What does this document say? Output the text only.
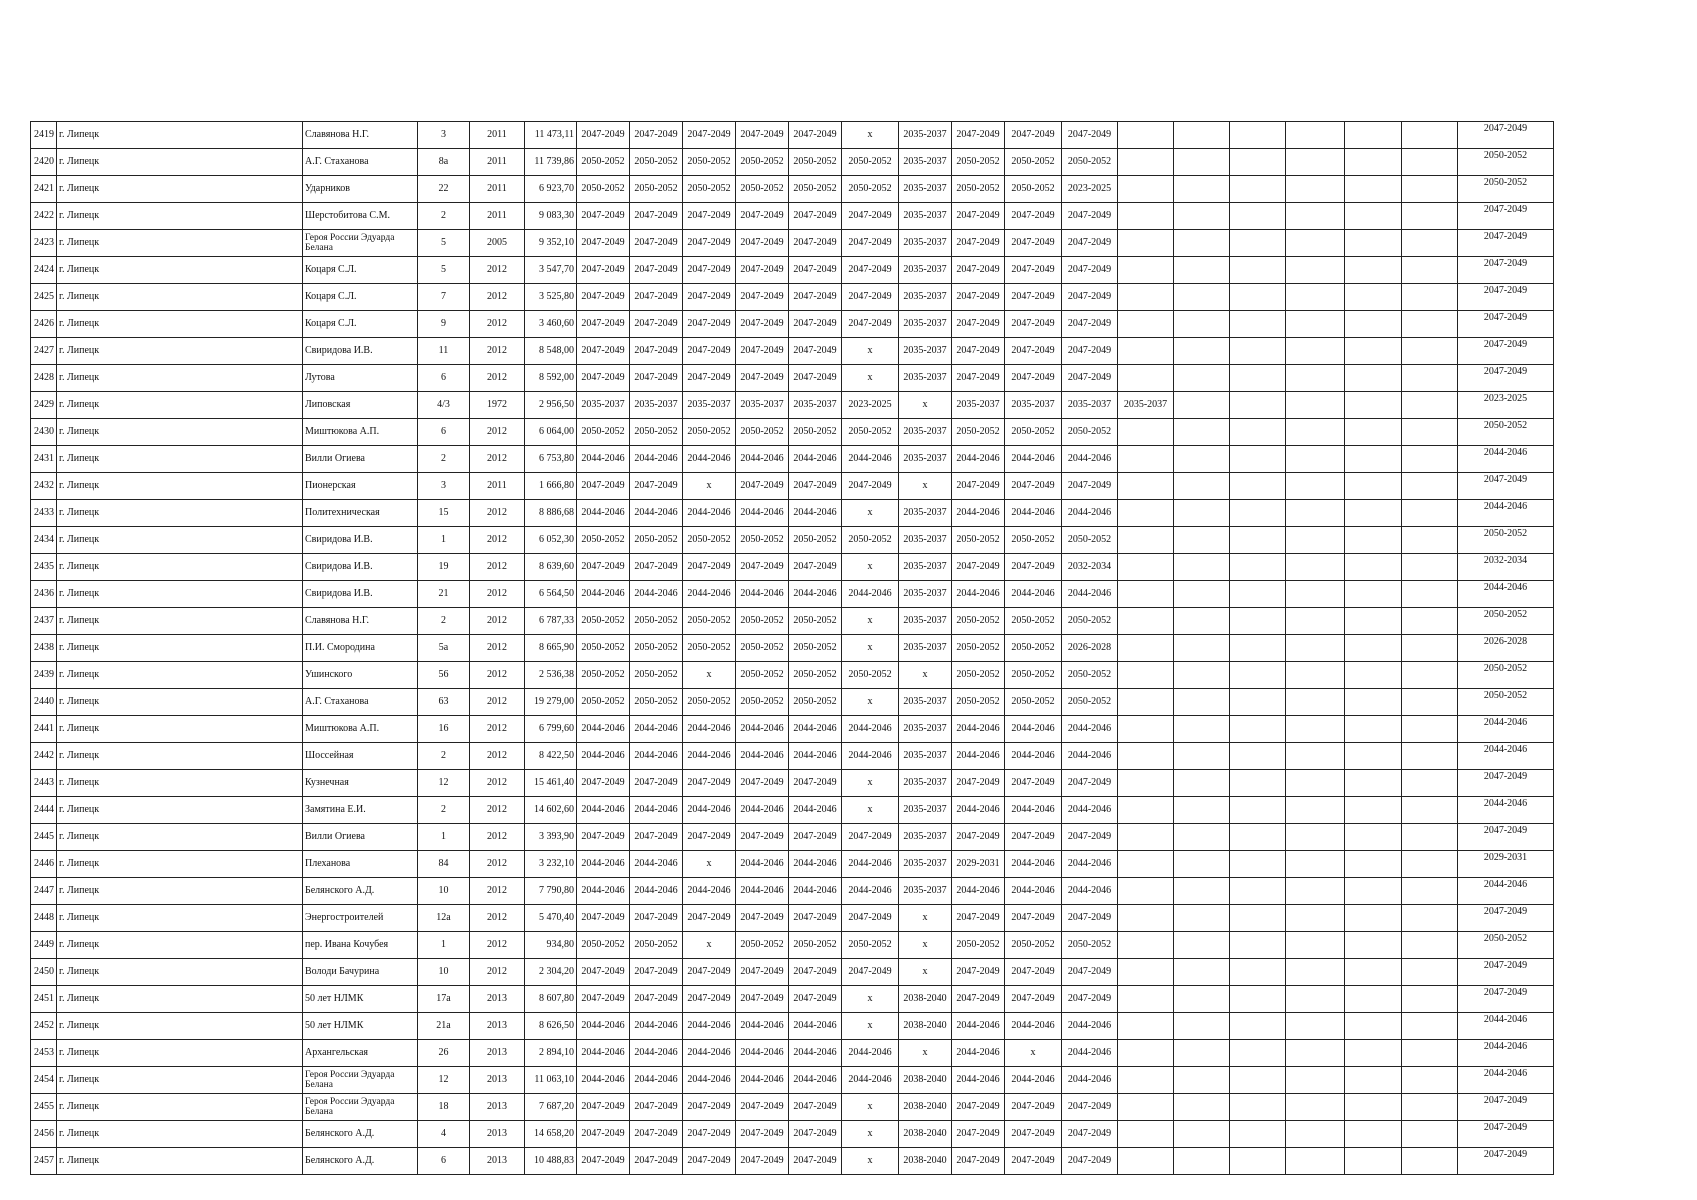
2419	г. Липецк	Славянова Н.Г.	3	2011	11 473,11	2047-2049	2047-2049	2047-2049	2047-2049	2047-2049	x	2035-2037	2047-2049	2047-2049	2047-2049							2047-2049
2420	г. Липецк	А.Г. Стаханова	8а	2011	11 739,86	2050-2052	2050-2052	2050-2052	2050-2052	2050-2052	2050-2052	2035-2037	2050-2052	2050-2052	2050-2052							2050-2052
2421	г. Липецк	Ударников	22	2011	6 923,70	2050-2052	2050-2052	2050-2052	2050-2052	2050-2052	2050-2052	2035-2037	2050-2052	2050-2052	2023-2025							2050-2052
2422	г. Липецк	Шерстобитова С.М.	2	2011	9 083,30	2047-2049	2047-2049	2047-2049	2047-2049	2047-2049	2047-2049	2035-2037	2047-2049	2047-2049	2047-2049							2047-2049
2423	г. Липецк	Героя России Эдуарда Белана	5	2005	9 352,10	2047-2049	2047-2049	2047-2049	2047-2049	2047-2049	2047-2049	2035-2037	2047-2049	2047-2049	2047-2049							2047-2049
2424	г. Липецк	Коцаря С.Л.	5	2012	3 547,70	2047-2049	2047-2049	2047-2049	2047-2049	2047-2049	2047-2049	2035-2037	2047-2049	2047-2049	2047-2049							2047-2049
2425	г. Липецк	Коцаря С.Л.	7	2012	3 525,80	2047-2049	2047-2049	2047-2049	2047-2049	2047-2049	2047-2049	2035-2037	2047-2049	2047-2049	2047-2049							2047-2049
2426	г. Липецк	Коцаря С.Л.	9	2012	3 460,60	2047-2049	2047-2049	2047-2049	2047-2049	2047-2049	2047-2049	2035-2037	2047-2049	2047-2049	2047-2049							2047-2049
2427	г. Липецк	Свиридова И.В.	11	2012	8 548,00	2047-2049	2047-2049	2047-2049	2047-2049	2047-2049	x	2035-2037	2047-2049	2047-2049	2047-2049							2047-2049
2428	г. Липецк	Лутова	6	2012	8 592,00	2047-2049	2047-2049	2047-2049	2047-2049	2047-2049	x	2035-2037	2047-2049	2047-2049	2047-2049							2047-2049
2429	г. Липецк	Липовская	4/3	1972	2 956,50	2035-2037	2035-2037	2035-2037	2035-2037	2035-2037	2023-2025	x	2035-2037	2035-2037	2035-2037	2035-2037						2023-2025
2430	г. Липецк	Миштюкова А.П.	6	2012	6 064,00	2050-2052	2050-2052	2050-2052	2050-2052	2050-2052	2050-2052	2035-2037	2050-2052	2050-2052	2050-2052							2050-2052
2431	г. Липецк	Вилли Огиева	2	2012	6 753,80	2044-2046	2044-2046	2044-2046	2044-2046	2044-2046	2044-2046	2035-2037	2044-2046	2044-2046	2044-2046							2044-2046
2432	г. Липецк	Пионерская	3	2011	1 666,80	2047-2049	2047-2049	x	2047-2049	2047-2049	2047-2049	x	2047-2049	2047-2049	2047-2049							2047-2049
2433	г. Липецк	Политехническая	15	2012	8 886,68	2044-2046	2044-2046	2044-2046	2044-2046	2044-2046	x	2035-2037	2044-2046	2044-2046	2044-2046							2044-2046
2434	г. Липецк	Свиридова И.В.	1	2012	6 052,30	2050-2052	2050-2052	2050-2052	2050-2052	2050-2052	2050-2052	2035-2037	2050-2052	2050-2052	2050-2052							2050-2052
2435	г. Липецк	Свиридова И.В.	19	2012	8 639,60	2047-2049	2047-2049	2047-2049	2047-2049	2047-2049	x	2035-2037	2047-2049	2047-2049	2032-2034							2032-2034
2436	г. Липецк	Свиридова И.В.	21	2012	6 564,50	2044-2046	2044-2046	2044-2046	2044-2046	2044-2046	2044-2046	2035-2037	2044-2046	2044-2046	2044-2046							2044-2046
2437	г. Липецк	Славянова Н.Г.	2	2012	6 787,33	2050-2052	2050-2052	2050-2052	2050-2052	2050-2052	x	2035-2037	2050-2052	2050-2052	2050-2052							2050-2052
2438	г. Липецк	П.И. Смородина	5а	2012	8 665,90	2050-2052	2050-2052	2050-2052	2050-2052	2050-2052	x	2035-2037	2050-2052	2050-2052	2026-2028							2026-2028
2439	г. Липецк	Ушинского	56	2012	2 536,38	2050-2052	2050-2052	x	2050-2052	2050-2052	2050-2052	x	2050-2052	2050-2052	2050-2052							2050-2052
2440	г. Липецк	А.Г. Стаханова	63	2012	19 279,00	2050-2052	2050-2052	2050-2052	2050-2052	2050-2052	x	2035-2037	2050-2052	2050-2052	2050-2052							2050-2052
2441	г. Липецк	Миштюкова А.П.	16	2012	6 799,60	2044-2046	2044-2046	2044-2046	2044-2046	2044-2046	2044-2046	2035-2037	2044-2046	2044-2046	2044-2046							2044-2046
2442	г. Липецк	Шоссейная	2	2012	8 422,50	2044-2046	2044-2046	2044-2046	2044-2046	2044-2046	2044-2046	2035-2037	2044-2046	2044-2046	2044-2046							2044-2046
2443	г. Липецк	Кузнечная	12	2012	15 461,40	2047-2049	2047-2049	2047-2049	2047-2049	2047-2049	x	2035-2037	2047-2049	2047-2049	2047-2049							2047-2049
2444	г. Липецк	Замятина Е.И.	2	2012	14 602,60	2044-2046	2044-2046	2044-2046	2044-2046	2044-2046	x	2035-2037	2044-2046	2044-2046	2044-2046							2044-2046
2445	г. Липецк	Вилли Огиева	1	2012	3 393,90	2047-2049	2047-2049	2047-2049	2047-2049	2047-2049	2047-2049	2035-2037	2047-2049	2047-2049	2047-2049							2047-2049
2446	г. Липецк	Плеханова	84	2012	3 232,10	2044-2046	2044-2046	x	2044-2046	2044-2046	2044-2046	2035-2037	2029-2031	2044-2046	2044-2046							2029-2031
2447	г. Липецк	Белянского А.Д.	10	2012	7 790,80	2044-2046	2044-2046	2044-2046	2044-2046	2044-2046	2044-2046	2035-2037	2044-2046	2044-2046	2044-2046							2044-2046
2448	г. Липецк	Энергостроителей	12а	2012	5 470,40	2047-2049	2047-2049	2047-2049	2047-2049	2047-2049	2047-2049	x	2047-2049	2047-2049	2047-2049							2047-2049
2449	г. Липецк	пер. Ивана Кочубея	1	2012	934,80	2050-2052	2050-2052	x	2050-2052	2050-2052	2050-2052	x	2050-2052	2050-2052	2050-2052							2050-2052
2450	г. Липецк	Володи Бачурина	10	2012	2 304,20	2047-2049	2047-2049	2047-2049	2047-2049	2047-2049	2047-2049	x	2047-2049	2047-2049	2047-2049							2047-2049
2451	г. Липецк	50 лет НЛМК	17а	2013	8 607,80	2047-2049	2047-2049	2047-2049	2047-2049	2047-2049	x	2038-2040	2047-2049	2047-2049	2047-2049							2047-2049
2452	г. Липецк	50 лет НЛМК	21а	2013	8 626,50	2044-2046	2044-2046	2044-2046	2044-2046	2044-2046	x	2038-2040	2044-2046	2044-2046	2044-2046							2044-2046
2453	г. Липецк	Архангельская	26	2013	2 894,10	2044-2046	2044-2046	2044-2046	2044-2046	2044-2046	2044-2046	x	2044-2046	x	2044-2046							2044-2046
2454	г. Липецк	Героя России Эдуарда Белана	12	2013	11 063,10	2044-2046	2044-2046	2044-2046	2044-2046	2044-2046	2044-2046	2038-2040	2044-2046	2044-2046	2044-2046							2044-2046
2455	г. Липецк	Героя России Эдуарда Белана	18	2013	7 687,20	2047-2049	2047-2049	2047-2049	2047-2049	2047-2049	x	2038-2040	2047-2049	2047-2049	2047-2049							2047-2049
2456	г. Липецк	Белянского А.Д.	4	2013	14 658,20	2047-2049	2047-2049	2047-2049	2047-2049	2047-2049	x	2038-2040	2047-2049	2047-2049	2047-2049							2047-2049
2457	г. Липецк	Белянского А.Д.	6	2013	10 488,83	2047-2049	2047-2049	2047-2049	2047-2049	2047-2049	x	2038-2040	2047-2049	2047-2049	2047-2049							2047-2049
